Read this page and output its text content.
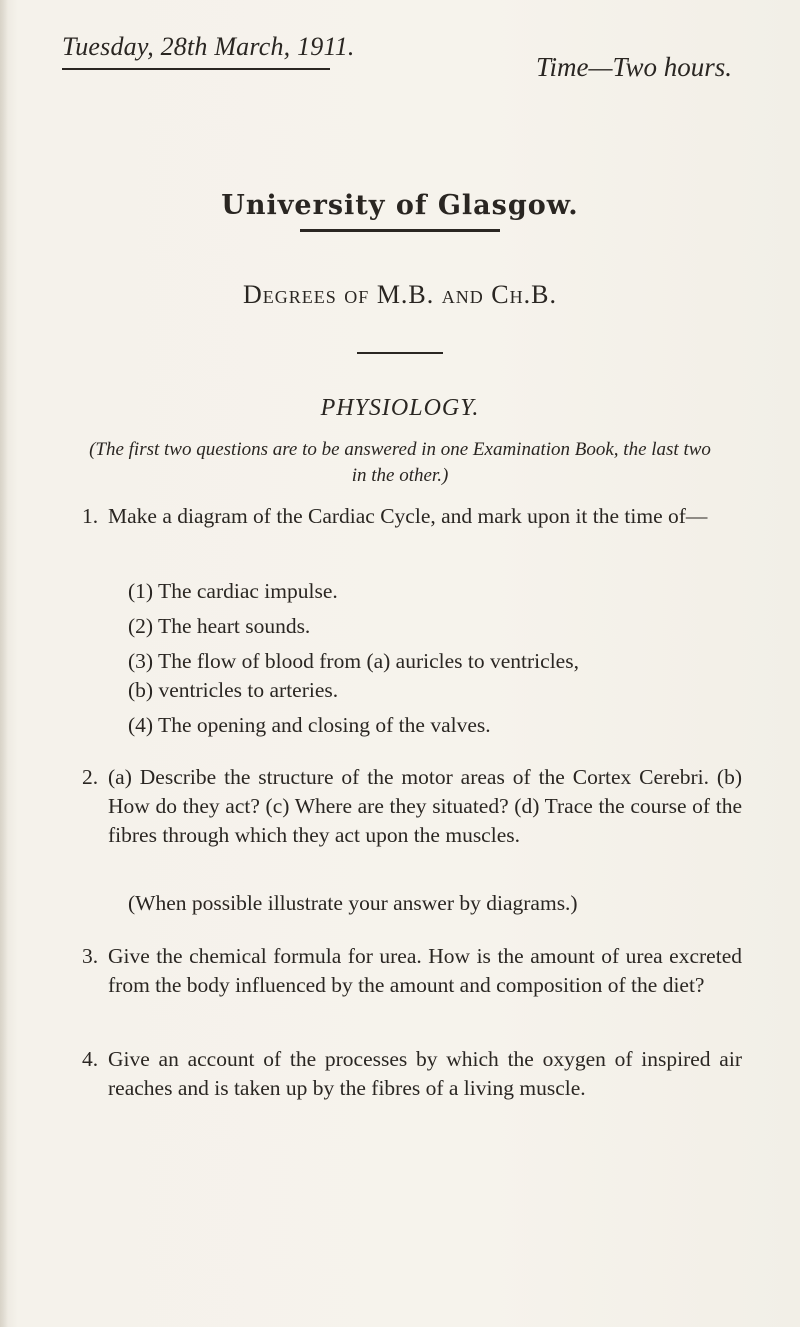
Tuesday, 28th March, 1911.
Time—Two hours.
University of Glasgow.
Degrees of M.B. and Ch.B.
PHYSIOLOGY.
(The first two questions are to be answered in one Examination Book, the last two in the other.)
1. Make a diagram of the Cardiac Cycle, and mark upon it the time of—
(1) The cardiac impulse.
(2) The heart sounds.
(3) The flow of blood from (a) auricles to ventricles,
(b) ventricles to arteries.
(4) The opening and closing of the valves.
2. (a) Describe the structure of the motor areas of the Cortex Cerebri. (b) How do they act? (c) Where are they situated? (d) Trace the course of the fibres through which they act upon the muscles.
(When possible illustrate your answer by diagrams.)
3. Give the chemical formula for urea. How is the amount of urea excreted from the body influenced by the amount and composition of the diet?
4. Give an account of the processes by which the oxygen of inspired air reaches and is taken up by the fibres of a living muscle.
